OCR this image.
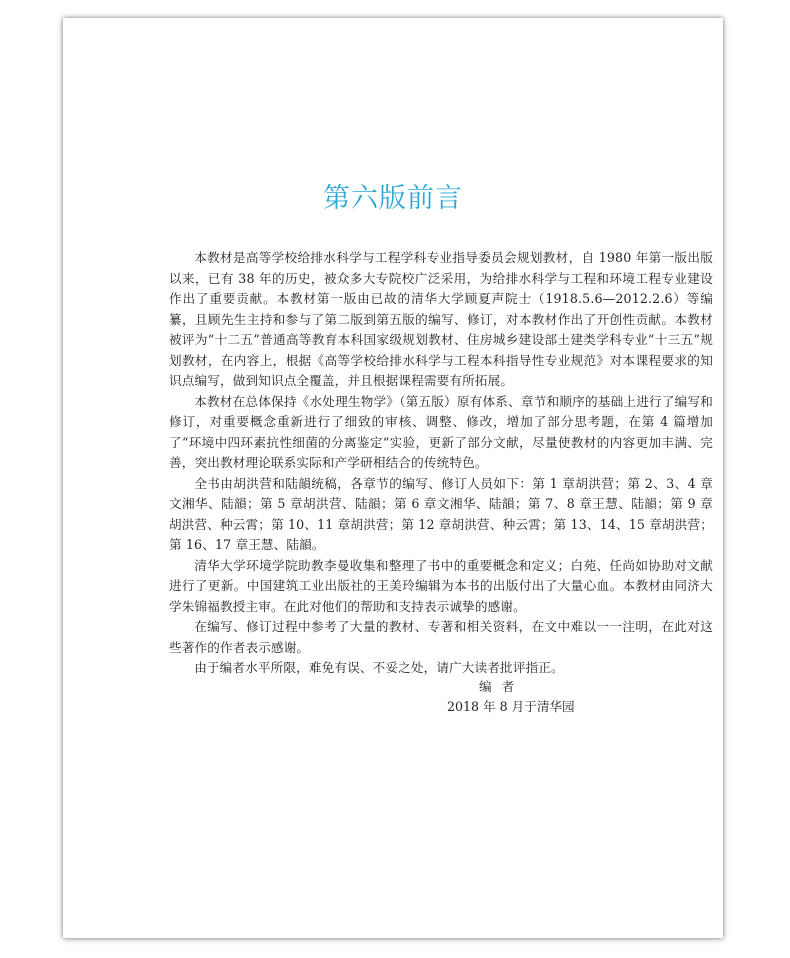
第六版前言

本教材是高等学校给排水科学与工程学科专业指导委员会规划教材，自 1980 年第一版出版以来，已有 38 年的历史，被众多大专院校广泛采用，为给排水科学与工程和环境工程专业建设作出了重要贡献。本教材第一版由已故的清华大学顾夏声院士（1918.5.6—2012.2.6）等编纂，且顾先生主持和参与了第二版到第五版的编写、修订，对本教材作出了开创性贡献。本教材被评为“十二五”普通高等教育本科国家级规划教材、住房城乡建设部土建类学科专业“十三五”规划教材，在内容上，根据《高等学校给排水科学与工程本科指导性专业规范》对本课程要求的知识点编写，做到知识点全覆盖，并且根据课程需要有所拓展。

本教材在总体保持《水处理生物学》（第五版）原有体系、章节和顺序的基础上进行了编写和修订，对重要概念重新进行了细致的审核、调整、修改，增加了部分思考题，在第 4 篇增加了“环境中四环素抗性细菌的分离鉴定”实验，更新了部分文献，尽量使教材的内容更加丰满、完善，突出教材理论联系实际和产学研相结合的传统特色。

全书由胡洪营和陆韻统稿，各章节的编写、修订人员如下：第 1 章胡洪营；第 2、3、4 章文湘华、陆韻；第 5 章胡洪营、陆韻；第 6 章文湘华、陆韻；第 7、8 章王慧、陆韻；第 9 章胡洪营、种云霄；第 10、11 章胡洪营；第 12 章胡洪营、种云霄；第 13、14、15 章胡洪营；第 16、17 章王慧、陆韻。

清华大学环境学院助教李曼收集和整理了书中的重要概念和定义；白苑、任尚如协助对文献进行了更新。中国建筑工业出版社的王美玲编辑为本书的出版付出了大量心血。本教材由同济大学朱锦福教授主审。在此对他们的帮助和支持表示诚挚的感谢。

在编写、修订过程中参考了大量的教材、专著和相关资料，在文中难以一一注明，在此对这些著作的作者表示感谢。

由于编者水平所限，难免有误、不妥之处，请广大读者批评指正。

编者
2018 年 8 月于清华园
